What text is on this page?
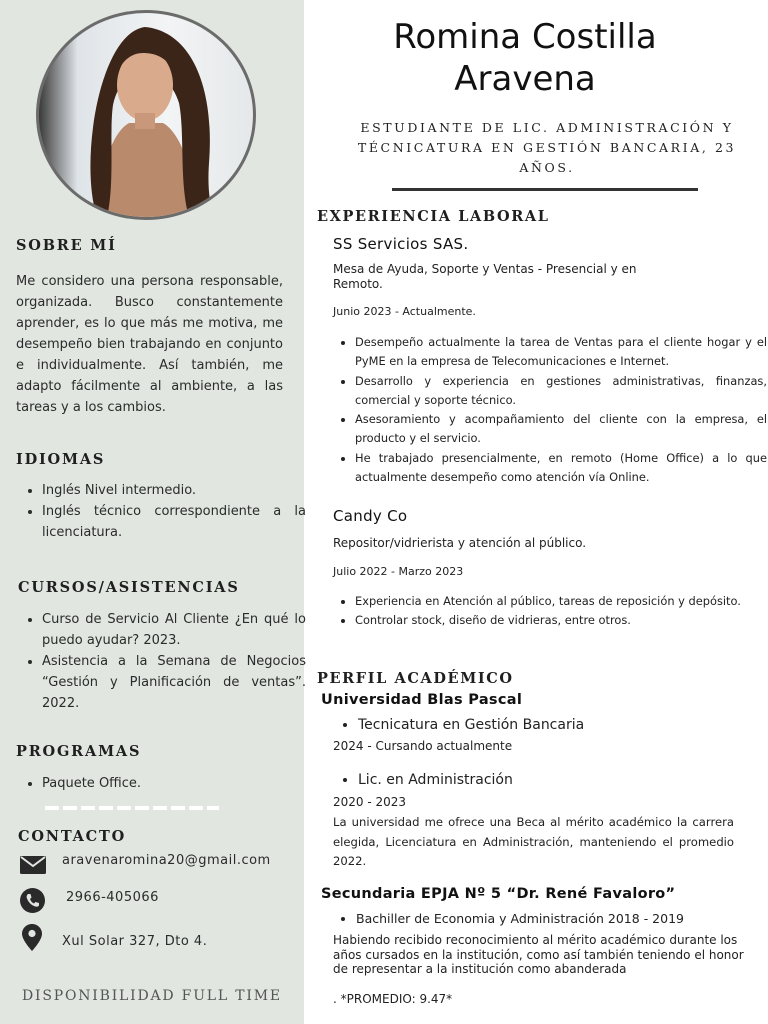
SOBRE MÍ

Me considero una persona responsable, organizada. Busco constantemente aprender, es lo que más me motiva, me desempeño bien trabajando en conjunto e individualmente. Así también, me adapto fácilmente al ambiente, a las tareas y a los cambios.

IDIOMAS
• Inglés Nivel intermedio.
• Inglés técnico correspondiente a la licenciatura.
CURSOS/ASISTENCIAS
• Curso de Servicio Al Cliente ¿En qué lo puedo ayudar? 2023.
• Asistencia a la Semana de Negocios “Gestión y Planificación de ventas”. 2022.
PROGRAMAS
• Paquete Office.
CONTACTO
aravenaromina20@gmail.com
2966-405066
Xul Solar 327, Dto 4.

DISPONIBILIDAD FULL TIME

Romina Costilla
Aravena

ESTUDIANTE DE LIC. ADMINISTRACIÓN Y TÉCNICATURA EN GESTIÓN BANCARIA, 23 AÑOS.

EXPERIENCIA LABORAL
SS Servicios SAS.

Mesa de Ayuda, Soporte y Ventas - Presencial y en Remoto.

Junio 2023 - Actualmente.

• Desempeño actualmente la tarea de Ventas para el cliente hogar y el PyME en la empresa de Telecomunicaciones e Internet.
• Desarrollo y experiencia en gestiones administrativas, finanzas, comercial y soporte técnico.
• Asesoramiento y acompañamiento del cliente con la empresa, el producto y el servicio.
• He trabajado presencialmente, en remoto (Home Office) a lo que actualmente desempeño como atención vía Online.
Candy Co

Repositor/vidrierista y atención al público.

Julio 2022 - Marzo 2023

• Experiencia en Atención al público, tareas de reposición y depósito.
• Controlar stock, diseño de vidrieras, entre otros.
PERFIL ACADÉMICO
Universidad Blas Pascal
• Tecnicatura en Gestión Bancaria

2024 - Cursando actualmente

• Lic. en Administración

2020 - 2023

La universidad me ofrece una Beca al mérito académico la carrera elegida, Licenciatura en Administración, manteniendo el promedio 2022.

Secundaria EPJA Nº 5 “Dr. René Favaloro”
• Bachiller de Economia y Administración 2018 - 2019

Habiendo recibido reconocimiento al mérito académico durante los años cursados en la institución, como así también teniendo el honor de representar a la institución como abanderada

. *PROMEDIO: 9.47*
